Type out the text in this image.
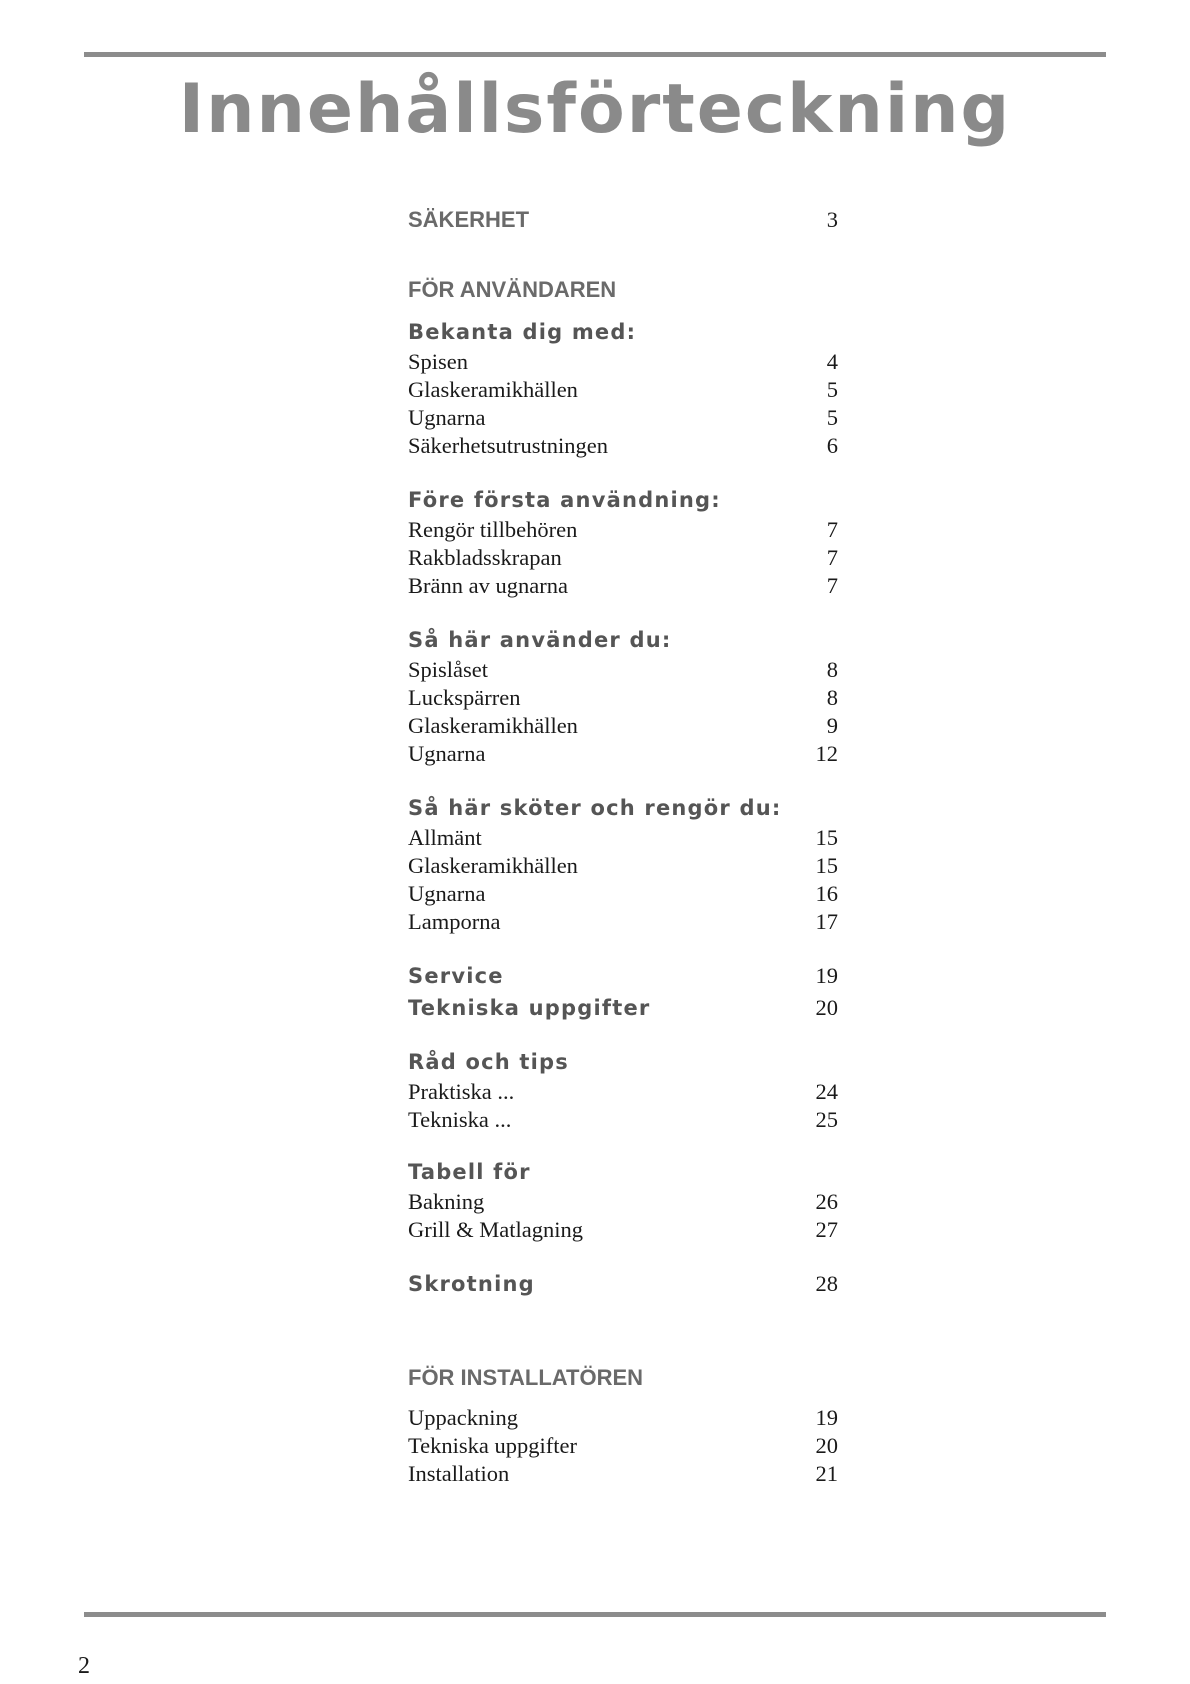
Innehållsförteckning
SÄKERHET	3
FÖR ANVÄNDAREN
Bekanta dig med:
Spisen	4
Glaskeramikhällen	5
Ugnarna	5
Säkerhetsutrustningen	6
Före första användning:
Rengör tillbehören	7
Rakbladsskrapan	7
Bränn av ugnarna	7
Så här använder du:
Spislåset	8
Luckspärren	8
Glaskeramikhällen	9
Ugnarna	12
Så här sköter och rengör du:
Allmänt	15
Glaskeramikhällen	15
Ugnarna	16
Lamporna	17
Service	19
Tekniska uppgifter	20
Råd och tips
Praktiska ...	24
Tekniska ...	25
Tabell för
Bakning	26
Grill & Matlagning	27
Skrotning	28
FÖR INSTALLATÖREN
Uppackning	19
Tekniska uppgifter	20
Installation	21
2
